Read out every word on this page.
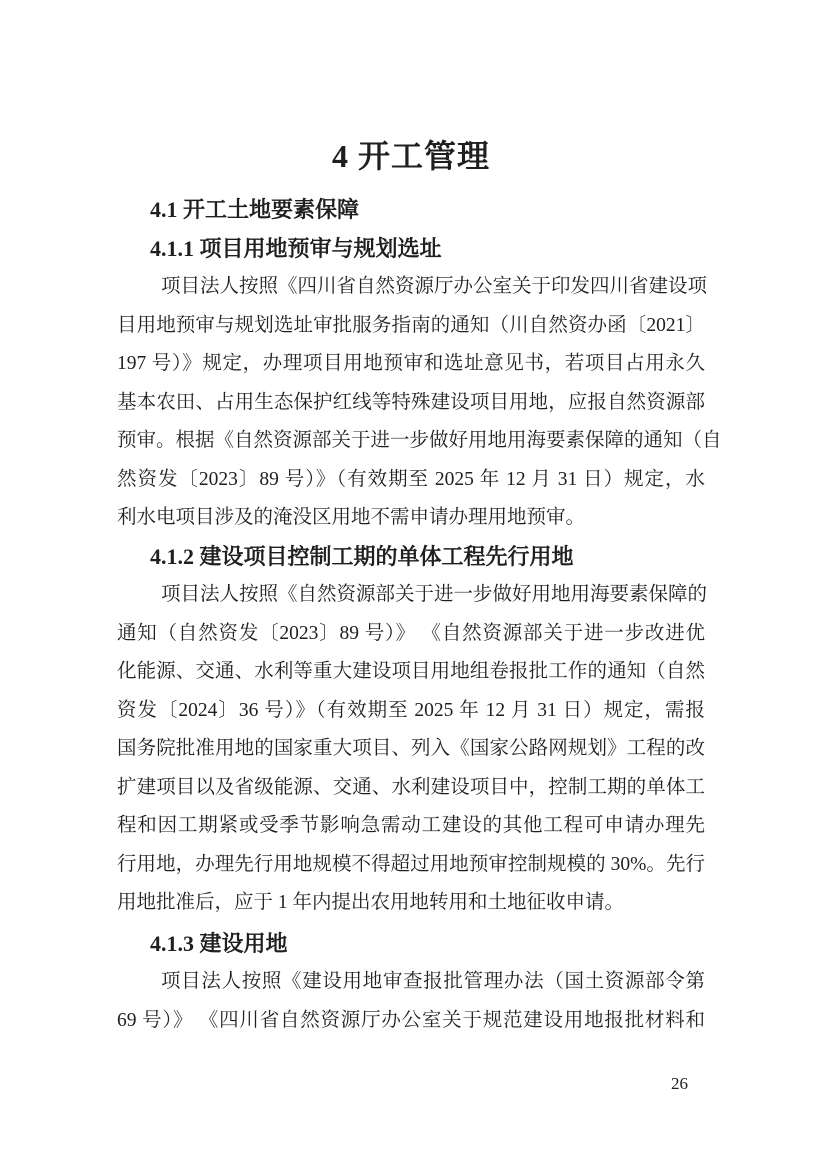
4 开工管理
4.1 开工土地要素保障
4.1.1 项目用地预审与规划选址
项目法人按照《四川省自然资源厅办公室关于印发四川省建设项
目用地预审与规划选址审批服务指南的通知（川自然资办函〔2021〕
197 号）》规定，办理项目用地预审和选址意见书，若项目占用永久
基本农田、占用生态保护红线等特殊建设项目用地，应报自然资源部
预审。根据《自然资源部关于进一步做好用地用海要素保障的通知（自
然资发〔2023〕89 号）》（有效期至 2025 年 12 月 31 日）规定，水
利水电项目涉及的淹没区用地不需申请办理用地预审。
4.1.2 建设项目控制工期的单体工程先行用地
项目法人按照《自然资源部关于进一步做好用地用海要素保障的
通知（自然资发〔2023〕89 号）》 《自然资源部关于进一步改进优
化能源、交通、水利等重大建设项目用地组卷报批工作的通知（自然
资发〔2024〕36 号）》（有效期至 2025 年 12 月 31 日）规定，需报
国务院批准用地的国家重大项目、列入《国家公路网规划》工程的改
扩建项目以及省级能源、交通、水利建设项目中，控制工期的单体工
程和因工期紧或受季节影响急需动工建设的其他工程可申请办理先
行用地，办理先行用地规模不得超过用地预审控制规模的 30%。先行
用地批准后，应于 1 年内提出农用地转用和土地征收申请。
4.1.3 建设用地
项目法人按照《建设用地审查报批管理办法（国土资源部令第
69 号）》 《四川省自然资源厅办公室关于规范建设用地报批材料和
26
